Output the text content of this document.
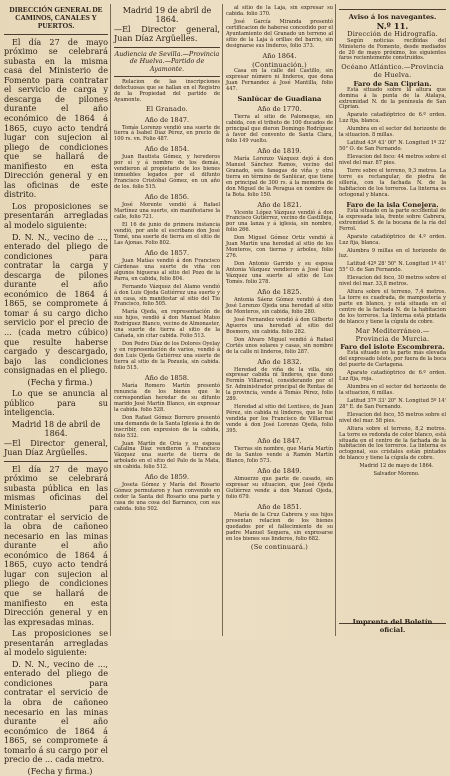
DIRECCIÓN GENERAL DE CAMINOS, CANALES Y PUERTOS.

El día 27 de mayo próximo se celebrará subasta en la misma casa del Ministerio de Fomento para contratar el servicio de carga y descarga de pilones durante el año económico de 1864 á 1865, cuyo acto tendrá lugar con sujecion al pliego de condiciones que se hallará de manifiesto en esta Dirección general y en las oficinas de este distrito.

Los proposiciones se presentarán arregladas al modelo siguiente:

D. N. N., vecino de ..., enterado del pliego de condiciones para contratar la carga y descarga de pilones durante el año económico de 1864 á 1865, se compromete á tomar á su cargo dicho servicio por el precio de ... (cada metro cúbico) que resulte haberse cargado y descargado, bajo las condiciones consignadas en el pliego.

(Fecha y firma.)

Lo que se anuncia al público para su inteligencia.

Madrid 18 de abril de 1864.
—El Director general, Juan Díaz Argüelles.

El día 27 de mayo próximo se celebrará subasta pública en las mismas oficinas del Ministerio para contratar el servicio de la obra de cañoneo necesario en las minas durante el año económico de 1864 á 1865, cuyo acto tendrá lugar con sujecion al pliego de condiciones que se hallará de manifiesto en esta Dirección general y en las expresadas minas.

Las proposiciones se presentarán arregladas al modelo siguiente:

D. N. N., vecino de ..., enterado del pliego de condiciones para contratar el servicio de la obra de cañoneo necesario en las minas durante el año económico de 1864 á 1865, se compromete á tomarlo á su cargo por el precio de ... cada metro.

(Fecha y firma.)

Madrid 19 de abril de 1864.
—El Director general, Juan Díaz Argüelles.
Audiencia de Sevilla.—Provincia de Huelva.—Partido de Ayamonte.

Relacion de las inscripciones defectuosas que se hallan en el Registro de la Propiedad del partido de Ayamonte.

El Granado.
Año de 1847.

Tomás Lorenzo vendió una suerte de tierra á Isabel Díaz Pérez, en precio de 100 rs. vn. Folio 487.

Año de 1854.

Juan Bautista Gómez, y herederos por sí y á nombre de los demás, vendieron al propietario de los bienes inmuebles legados por el difunto Francisco Cristóbal Gómez, en un año de los. folio 515.

Año de 1856.

José Morente vendió á Rafael Martínez una suerte, sin manifestarse la calle, folio 721.

El 16 de junio de primera instancia vendió, por ante el escribano don José Tomé, una suerte de tierra en el sitio de Las Ajonas. Folio 802.

Año de 1857.

Juan Matías vendió á don Francisco Cárdenas una suerte de viña con algunos higueras al sitio del Pozo de la Parra, en cabida, folio 804.

Fernando Vázquez del Alamo vendió á don Luis Ojeda Gutiérrez una suerte y un casa, sin manifestar al sitio del Tío Francisco, folio 505.

María Ojeda, en representación de sus hijos, vendió á don Manuel Mateo Rodríguez Blanco, vecino de Almonaster, una suerte de tierra al sitio de la Cañada, sin citar cabida. Folio 513.

Don Pedro Díaz de los Dolores Oyelay y en representación de varios, vendió á don Luis Ojeda Gutiérrez una suerte de tierra al sitio de la Pozuela, sin cabida. folio 515.

Año de 1858.

María Romero Martín presentó renuncia de los bienes que le correspondían heredar de su difunto marido José Martín Blanco, sin expresar la cabida. folio 528.

Don Rafael Gómez Borrero presentó una demanda de la Santa Iglesia á fin de inscribir, con expresion de la cabida, folio 532.

Juan Martín de Oria y su esposa Catalina Díaz vendieron á Francisco Vázquez una suerte de tierra de arbolado en el sitio del Palo de la Mata, sin cabida. folio 512.

Año de 1859.

Joseta Gómez y María del Rosario Gómez permutaron y han convenido en ceder la Santa del Rosario una parte y casa de una cosa del Barranco, con sus cabida. folio 502.

al sitio de la Laja, sin expresar su cabida. folio 370.

José García Miranda presentó certificacion de haberse concedido por el Ayuntamiento del Granado un terreno al sitio de la Laja á orillas del barrio, sin designarse sus linderos, folio 373.

Año 1864.
(Continuación.)

Casa en la calle del Castillo, sin expresar número ni linderos, que dona Juan Fernandez á José Mantilla, folio 447.

Sanlúcar de Guadiana
Año de 1770.

Tierra al sitio de Palomeque, sin cabida, con el tributo de 100 ducados de principal que dieron Domingo Rodríguez á favor del convento de Santa Clara, folio 149 vuelto.

Año de 1819.

María Lorenzo Vázquez dejó á don Manuel Sánchez Ramos, vecino del Granado, seis fanegas de viña y otra tierra en término de Sanlúcar, que tiene en principal de 300 rs. á la memoria de don Miguel de la Peragua en nombre de la Bota. folio 150.

Año de 1821.

Vicente López Vázquez vendió á don Francisco Gutiérrez, vecino de Castilleja, por una lanza y á iglesia, sin nombre, folio 266.

Don Miguel Gómez Ortiz vendió á Juan Martín una heredad al sitio de los Monteros, con tierras y árboles, folio 276.

Don Antonio Garrido y su esposa Antonia Vázquez vendieron á José Díaz Vázquez una suerte al sitio de Los Tomés. folio 278.

Año de 1825.

Antonia Sáenz Gómez vendió á don José Lorenzo Ojeda una heredad al sitio de Monteros, sin cabida, folio 280.

José Fernandez vendió á don Gilberto Agueros una heredad al sitio del Bosmoro, sin cabida. folio 282.

Don Alvaro Miguel vendió á Rafael Cortés unos solares y casas, sin nombre de la calle ni linderos, folio 287.

Año de 1832.

Heredad de viña de la villa, sin expresar cabida ni linderos, que donó Fermín Villarreal, considerando por el Sr. Administrador principal de Rentas de la provincia, vende á Tomás Pérez, folio 289.

Heredad al sitio del Lentisco, de Juan Pérez, sin cabida ni linderos, que le fue vendida por los Francisco de Villarreal vende á don José Lorenzo Ojeda, folio 395.

Año de 1847.

Tierras sin nombre, que María Martín de la Santos vende á Ramón Martín Blanco, folio 573.

Año de 1849.

Almuerzo que parte de casado, sin expresar su situacion, que José Ojeda Gutiérrez vende á don Manuel Ojeda, folio 679.

Año de 1851.

María de la Cruz Cabrera y sus hijos presentan relacion de los bienes quedados por el fallecimiento de su padre Manuel Sequera, sin expresarse en los bienes sus linderos, folio 682.

(Se continuará.)
Aviso á los navegantes.
N.º 11.
Dirección de Hidrografía.

Según noticias recibidas del Ministerio de Fomento, desde mediados de 20 de mayo próximo, los siguientes faros recientemente construidos.

Océano Atlántico.—Provincia de Huelva.
Faro de San Ciprian.

Está situado sobre la altura que domina á la punta de la Atalaya, extremidad N. de la península de San Ciprian.

Aparato catadióptrico de 6.º orden. Luz fija, blanca.

Alumbra en el sector del horizonte de la situacion. 8 millas.

Latitud 43º 43' 00" N. Longitud 1º 32' 50" O. de San Fernando.

Elevacion del foco: 44 metros sobre el nivel del mar. 87 pies.

Torre sobre el terreno, 9,3 metros. La torre es rectangular, de piedra de sillería, con la fachada N. de la habitacion de los torreros. La linterna es octogonal y blanca.

Faro de la isla Conejera.

Está situado en la parte occidental de la expresada isla, frente sobre Cabrera, extremidad S. de la bocana de la ría del Ferrol.

Aparato catadióptrico de 4.º orden. Luz fija, blanca.

Alumbra 9 millas en el horizonte de luz.

Latitud 42º 28' 50" N. Longitud 1º 41' 55" O. de San Fernando.

Elevacion del foco, 30 metros sobre el nivel del mar. 33,8 metros.

Altura sobre el terreno, 7,4 metros. La torre es cuadrada, de mampostería y parte en blanco, y está situada en el centro de la fachada N. de la habitacion de los torreros. La linterna está pintada de blanco y tiene la cúpula de cobre.

Mar Mediterráneo.—Provincia de Murcia.
Faro del islote Escombrera.

Está situado en la parte más elevada del expresado islote, por fuera de la boca del puerto de Cartagena.

Aparato catadióptrico de 6.º orden. Luz fija, roja.

Alumbra en el sector del horizonte de la situacion, 6 millas.

Latitud 37º 33' 20" N. Longitud 5º 14' 28" E. de San Fernando.

Elevacion del foco, 55 metros sobre el nivel del mar. 58 pies.

Altura sobre el terreno, 8,2 metros. La torre es redonda de color blanco, está situada en el centro de la fachada de la habitación de los torreros. La linterna es octogonal, sus cristales están pintados de blanco y tiene la cúpula de cobre.

Madrid 12 de mayo de 1864.
Salvador Moreno.
Imprenta del Boletín oficial.
